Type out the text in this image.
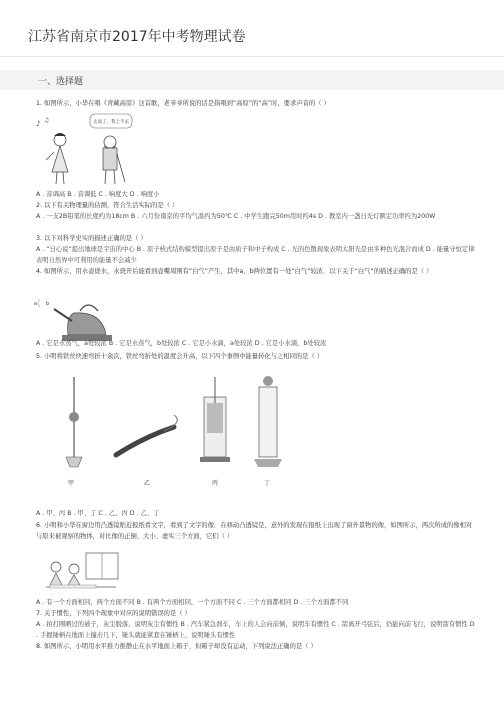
江苏省南京市2017年中考物理试卷
一、选择题
1. 如图所示，小华在唱《青藏高原》这首歌，老爷爷所说的话是指唱到“高原”的“高”时，要求声音的（ ）
♪ ♫	太高了，我上不去
A . 音调高 B . 音调低 C . 响度大 D . 响度小
2. 以下有关物理量的估测，符合生活实际的是（ ）
A . 一支2B铅笔的长度约为18cm B . 六月份南京的平均气温约为50℃ C . 中学生跑完50m用时约4s D . 教室内一盏日光灯额定功率约为200W
3. 以下对科学史实的描述正确的是（ ）
A . “日心说”提出地球是宇宙的中心 B . 原子核式结构模型提出原子是由质子和中子构成 C . 光的色散现象表明太阳光是由多种色光混合而成 D . 能量守恒定律表明自然界中可利用的能量不会减少
4. 如图所示，用水壶烧水，水烧开后能看到壶嘴周围有“白气”产生，其中a、b两位置有一处“白气”较浓．以下关于“白气”的描述正确的是（ ）
a b
A . 它是水蒸气，a处较浓 B . 它是水蒸气，b处较浓 C . 它是小水滴，a处较浓 D . 它是小水滴，b处较浓
5. 小明将铁丝快速弯折十余次，铁丝弯折处的温度会升高，以下四个事例中能量转化与之相同的是（ ）
甲	乙	丙	丁
A . 甲、丙 B . 甲、丁 C . 乙、丙 D . 乙、丁
6. 小明和小华在窗边用凸透镜贴近报纸看文字，看到了文字的像．在移动凸透镜是，意外的发现在报纸上出现了窗外景物的像，如图所示，两次所成的像相对与原来被观察的物体，对比像的正倒、大小、虚实三个方面，它们（ ）
A . 有一个方面相同，两个方面不同 B . 有两个方面相同，一个方面不同 C . 三个方面都相同 D . 三个方面都不同
7. 关于惯性，下列四个现象中对应的说明错误的是（ ）
A . 拍打刚晒过的被子，灰尘脱落，说明灰尘有惯性 B . 汽车紧急刹车，车上的人会向前倾，说明车有惯性 C . 箭离开弓弦后，仍能向前飞行，说明箭有惯性 D . 手握锤柄在地面上撞击几下，锤头就能紧套在锤柄上，说明锤头有惯性
8. 如图所示，小明用水平推力推静止在水平地面上箱子，但箱子却没有运动，下列说法正确的是（ ）
